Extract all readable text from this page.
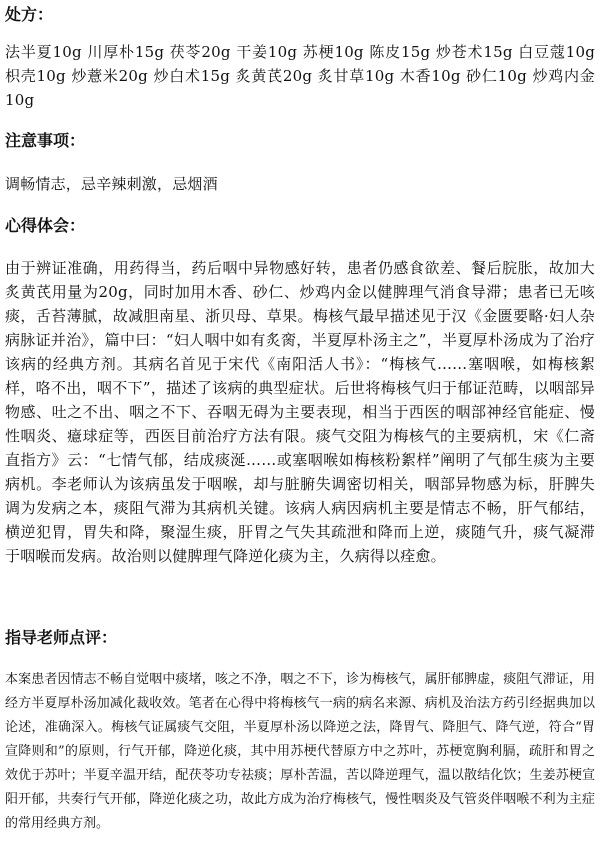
处方：

法半夏10g 川厚朴15g 茯苓20g 干姜10g 苏梗10g 陈皮15g 炒苍术15g 白豆蔻10g 枳壳10g 炒薏米20g 炒白术15g 炙黄芪20g 炙甘草10g 木香10g 砂仁10g 炒鸡内金10g

注意事项：

调畅情志，忌辛辣刺激，忌烟酒

心得体会：

由于辨证准确，用药得当，药后咽中异物感好转，患者仍感食欲差、餐后脘胀，故加大炙黄芪用量为20g，同时加用木香、砂仁、炒鸡内金以健脾理气消食导滞；患者已无咳痰，舌苔薄腻，故减胆南星、浙贝母、草果。梅核气最早描述见于汉《金匮要略·妇人杂病脉证并治》，篇中曰：“妇人咽中如有炙脔，半夏厚朴汤主之”，半夏厚朴汤成为了治疗该病的经典方剂。其病名首见于宋代《南阳活人书》：“梅核气……塞咽喉，如梅核絮样，咯不出，咽不下”，描述了该病的典型症状。后世将梅核气归于郁证范畴，以咽部异物感、吐之不出、咽之不下、吞咽无碍为主要表现，相当于西医的咽部神经官能症、慢性咽炎、癔球症等，西医目前治疗方法有限。痰气交阻为梅核气的主要病机，宋《仁斋直指方》云：“七情气郁，结成痰涎……或塞咽喉如梅核粉絮样”阐明了气郁生痰为主要病机。李老师认为该病虽发于咽喉，却与脏腑失调密切相关，咽部异物感为标，肝脾失调为发病之本，痰阻气滞为其病机关键。该病人病因病机主要是情志不畅，肝气郁结，横逆犯胃，胃失和降，聚湿生痰，肝胃之气失其疏泄和降而上逆，痰随气升，痰气凝滞于咽喉而发病。故治则以健脾理气降逆化痰为主，久病得以痊愈。

指导老师点评：

本案患者因情志不畅自觉咽中痰堵，咳之不净，咽之不下，诊为梅核气，属肝郁脾虚，痰阻气滞证，用经方半夏厚朴汤加减化裁收效。笔者在心得中将梅核气一病的病名来源、病机及治法方药引经据典加以论述，准确深入。梅核气证属痰气交阻，半夏厚朴汤以降逆之法，降胃气、降胆气、降气逆，符合“胃宣降则和”的原则，行气开郁，降逆化痰，其中用苏梗代替原方中之苏叶，苏梗宽胸利膈，疏肝和胃之效优于苏叶；半夏辛温开结，配茯苓功专祛痰；厚朴苦温，苦以降逆理气，温以散结化饮；生姜苏梗宣阳开郁，共奏行气开郁，降逆化痰之功，故此方成为治疗梅核气，慢性咽炎及气管炎伴咽喉不利为主症的常用经典方剂。
